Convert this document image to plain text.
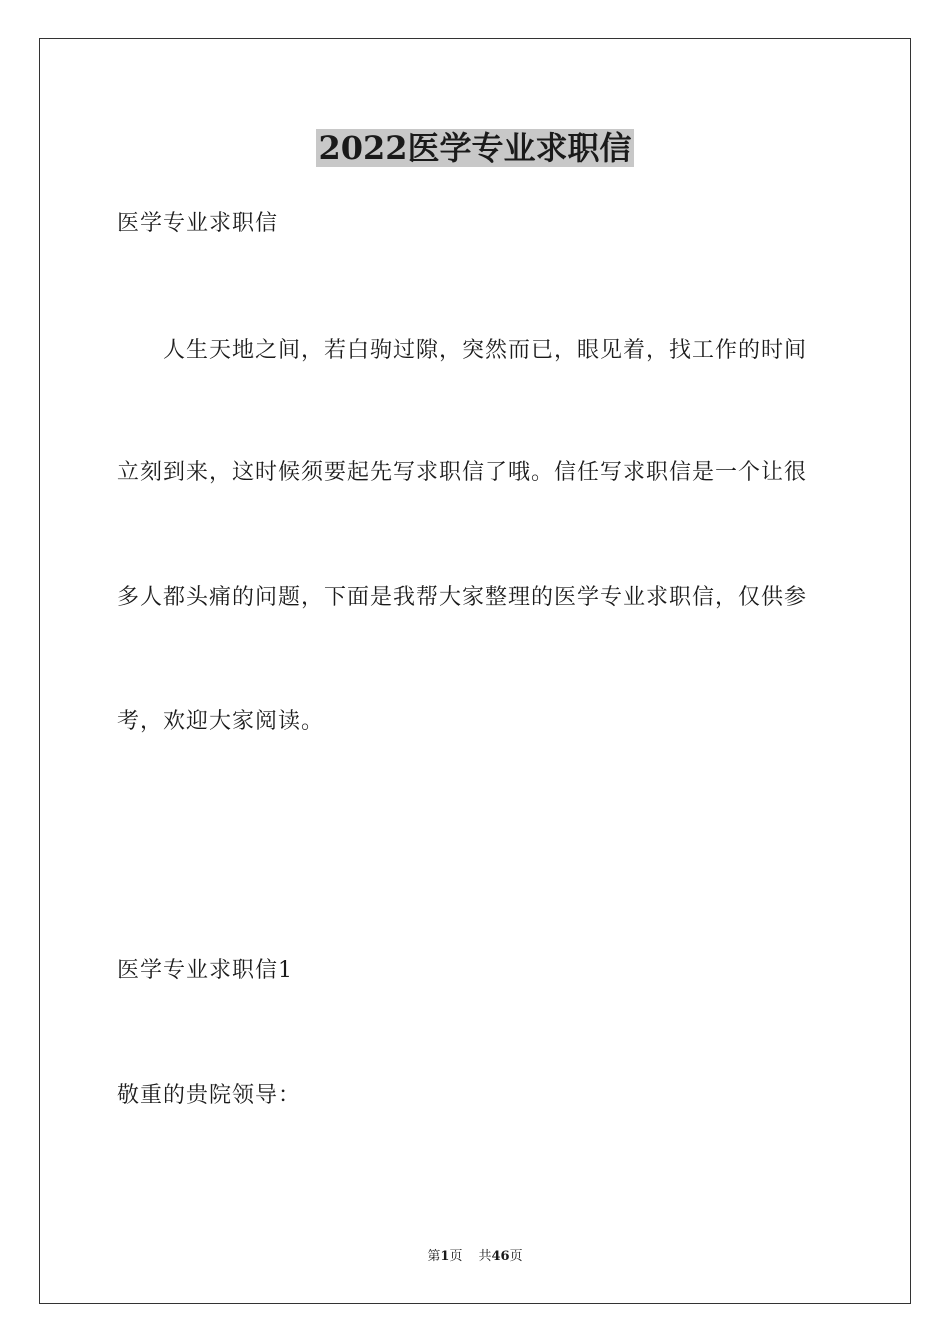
2022医学专业求职信
医学专业求职信
人生天地之间，若白驹过隙，突然而已，眼见着，找工作的时间
立刻到来，这时候须要起先写求职信了哦。信任写求职信是一个让很
多人都头痛的问题，下面是我帮大家整理的医学专业求职信，仅供参
考，欢迎大家阅读。
医学专业求职信1
敬重的贵院领导：
第1页 共46页
